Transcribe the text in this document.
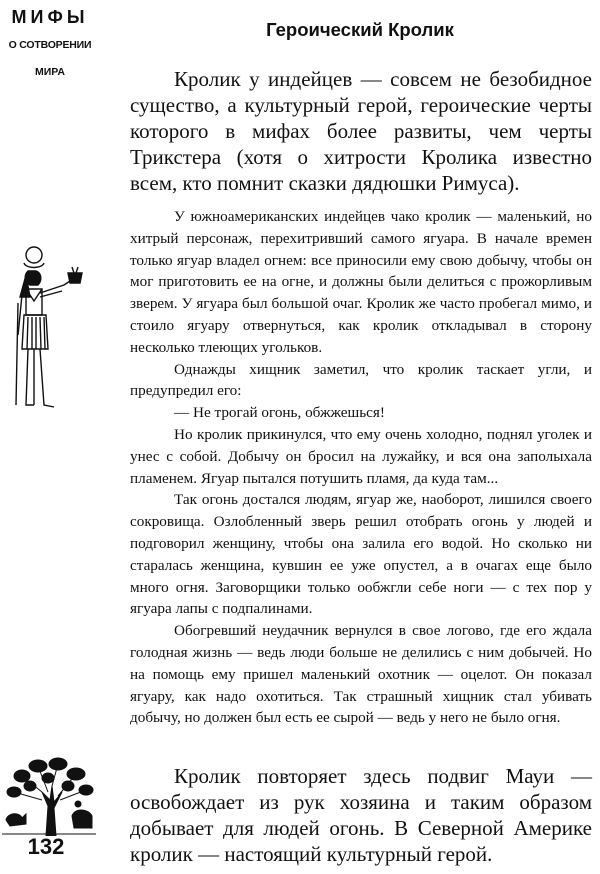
МИФЫ
О СОТВОРЕНИИ
МИРА
132
Героический Кролик
Кролик у индейцев — совсем не безобидное существо, а культурный герой, героические черты которого в мифах более развиты, чем черты Трикстера (хотя о хитрости Кролика известно всем, кто помнит сказки дядюшки Римуса).

У южноамериканских индейцев чако кролик — маленький, но хитрый персонаж, перехитривший самого ягуара. В начале времен только ягуар владел огнем: все приносили ему свою добычу, чтобы он мог приготовить ее на огне, и должны были делиться с прожорливым зверем. У ягуара был большой очаг. Кролик же часто пробегал мимо, и стоило ягуару отвернуться, как кролик откладывал в сторону несколько тлеющих угольков.

Однажды хищник заметил, что кролик таскает угли, и предупредил его:

— Не трогай огонь, обжжешься!

Но кролик прикинулся, что ему очень холодно, поднял уголек и унес с собой. Добычу он бросил на лужайку, и вся она заполыхала пламенем. Ягуар пытался потушить пламя, да куда там...

Так огонь достался людям, ягуар же, наоборот, лишился своего сокровища. Озлобленный зверь решил отобрать огонь у людей и подговорил женщину, чтобы она залила его водой. Но сколько ни старалась женщина, кувшин ее уже опустел, а в очагах еще было много огня. Заговорщики только ообжгли себе ноги — с тех пор у ягуара лапы с подпалинами.

Обогревший неудачник вернулся в свое логово, где его ждала голодная жизнь — ведь люди больше не делились с ним добычей. Но на помощь ему пришел маленький охотник — оцелот. Он показал ягуару, как надо охотиться. Так страшный хищник стал убивать добычу, но должен был есть ее сырой — ведь у него не было огня.

Кролик повторяет здесь подвиг Мауи — освобождает из рук хозяина и таким образом добывает для людей огонь. В Северной Америке кролик — настоящий культурный герой.
